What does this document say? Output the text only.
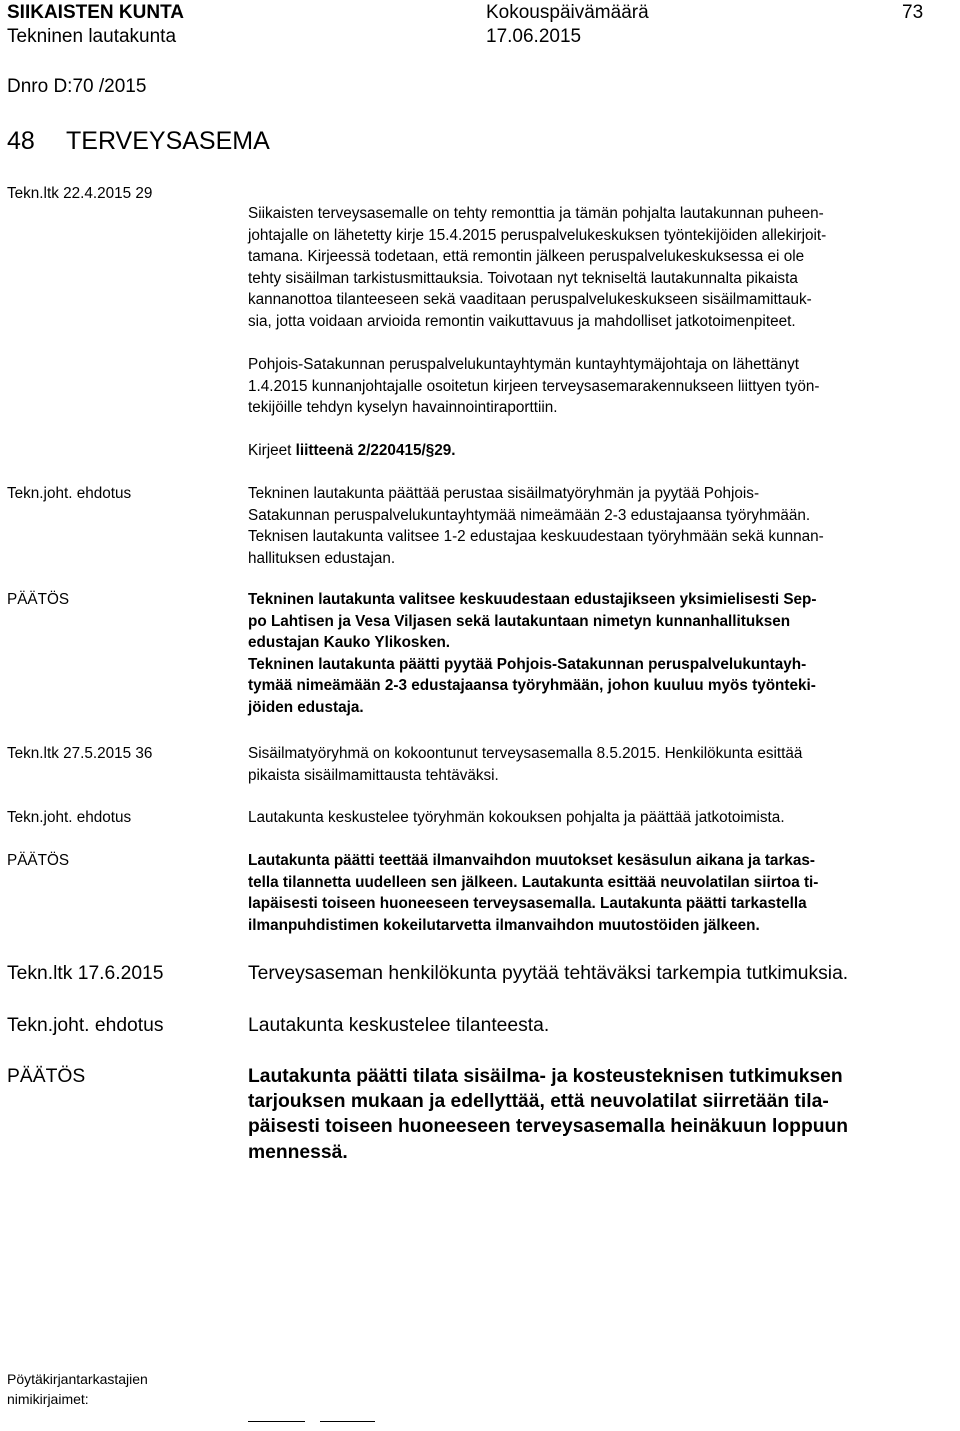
SIIKAISTEN KUNTA	Kokouspäivämäärä	73
Tekninen lautakunta	17.06.2015
Dnro D:70 /2015
48 TERVEYSASEMA
Tekn.ltk 22.4.2015 29
Siikaisten terveysasemalle on tehty remonttia ja tämän pohjalta lautakunnan puheen-
johtajalle on lähetetty kirje 15.4.2015 peruspalvelukeskuksen työntekijöiden allekirjoit-
tamana. Kirjeessä todetaan, että remontin jälkeen peruspalvelukeskuksessa ei ole
tehty sisäilman tarkistusmittauksia. Toivotaan nyt tekniseltä lautakunnalta pikaista
kannanottoa tilanteeseen sekä vaaditaan peruspalvelukeskukseen sisäilmamittauk-
sia, jotta voidaan arvioida remontin vaikuttavuus ja mahdolliset jatkotoimenpiteet.
Pohjois-Satakunnan peruspalvelukuntayhtymän kuntayhtymäjohtaja on lähettänyt
1.4.2015 kunnanjohtajalle osoitetun kirjeen terveysasemarakennukseen liittyen työn-
tekijöille tehdyn kyselyn havainnointiraporttiin.
Kirjeet liitteenä 2/220415/§29.
Tekn.joht. ehdotus	Tekninen lautakunta päättää perustaa sisäilmatyöryhmän ja pyytää Pohjois-
Satakunnan peruspalvelukuntayhtymää nimeämään 2-3 edustajaansa työryhmään.
Teknisen lautakunta valitsee 1-2 edustajaa keskuudestaan työryhmään sekä kunnan-
hallituksen edustajan.
PÄÄTÖS	Tekninen lautakunta valitsee keskuudestaan edustajikseen yksimielisesti Sep-
po Lahtisen ja Vesa Viljasen sekä lautakuntaan nimetyn kunnanhallituksen
edustajan Kauko Ylikosken.
Tekninen lautakunta päätti pyytää Pohjois-Satakunnan peruspalvelukuntayh-
tymää nimeämään 2-3 edustajaansa työryhmään, johon kuuluu myös työnteki-
jöiden edustaja.
Tekn.ltk 27.5.2015 36	Sisäilmatyöryhmä on kokoontunut terveysasemalla 8.5.2015. Henkilökunta esittää
pikaista sisäilmamittausta tehtäväksi.
Tekn.joht. ehdotus	Lautakunta keskustelee työryhmän kokouksen pohjalta ja päättää jatkotoimista.
PÄÄTÖS	Lautakunta päätti teettää ilmanvaihdon muutokset kesäsulun aikana ja tarkas-
tella tilannetta uudelleen sen jälkeen. Lautakunta esittää neuvolatilan siirtoa ti-
lapäisesti toiseen huoneeseen terveysasemalla. Lautakunta päätti tarkastella
ilmanpuhdistimen kokeilutarvetta ilmanvaihdon muutostöiden jälkeen.
Tekn.ltk 17.6.2015	Terveysaseman henkilökunta pyytää tehtäväksi tarkempia tutkimuksia.
Tekn.joht. ehdotus	Lautakunta keskustelee tilanteesta.
PÄÄTÖS	Lautakunta päätti tilata sisäilma- ja kosteusteknisen tutkimuksen
tarjouksen mukaan ja edellyttää, että neuvolatilat siirretään tila-
päisesti toiseen huoneeseen terveysasemalla heinäkuun loppuun
mennessä.
Pöytäkirjantarkastajien
nimikirjaimet:
